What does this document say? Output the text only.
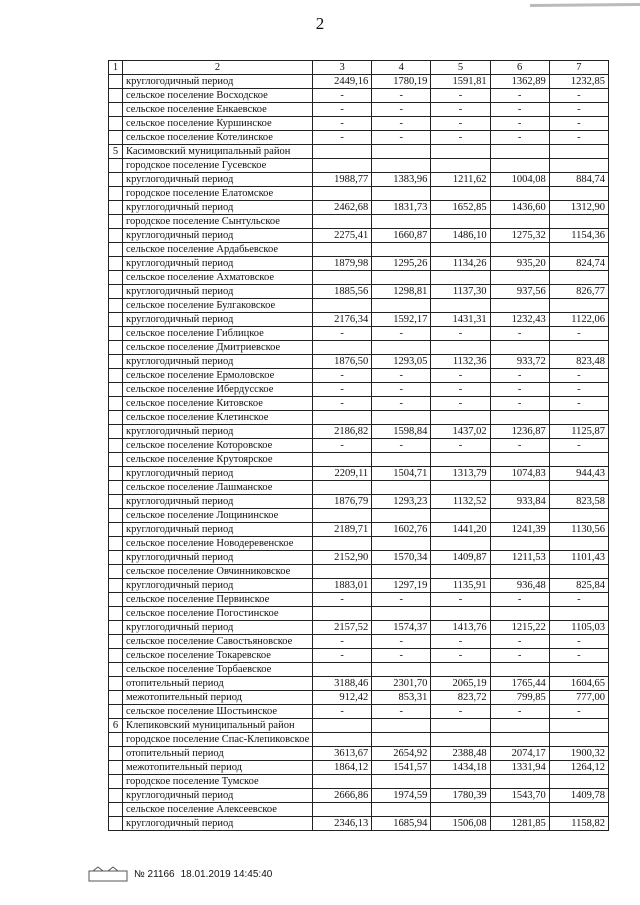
2
1	2	3	4	5	6	7
	круглогодичный период	2449,16	1780,19	1591,81	1362,89	1232,85
	сельское поселение Восходское	-	-	-	-	-
	сельское поселение Енкаевское	-	-	-	-	-
	сельское поселение Куршинское	-	-	-	-	-
	сельское поселение Котелинское	-	-	-	-	-
5	Касимовский муниципальный район					
	городское поселение Гусевское					
	круглогодичный период	1988,77	1383,96	1211,62	1004,08	884,74
	городское поселение Елатомское					
	круглогодичный период	2462,68	1831,73	1652,85	1436,60	1312,90
	городское поселение Сынтульское					
	круглогодичный период	2275,41	1660,87	1486,10	1275,32	1154,36
	сельское поселение Ардабьевское					
	круглогодичный период	1879,98	1295,26	1134,26	935,20	824,74
	сельское поселение Ахматовское					
	круглогодичный период	1885,56	1298,81	1137,30	937,56	826,77
	сельское поселение Булгаковское					
	круглогодичный период	2176,34	1592,17	1431,31	1232,43	1122,06
	сельское поселение Гиблицкое	-	-	-	-	-
	сельское поселение Дмитриевское					
	круглогодичный период	1876,50	1293,05	1132,36	933,72	823,48
	сельское поселение Ермоловское	-	-	-	-	-
	сельское поселение Ибердусское	-	-	-	-	-
	сельское поселение Китовское	-	-	-	-	-
	сельское поселение Клетинское					
	круглогодичный период	2186,82	1598,84	1437,02	1236,87	1125,87
	сельское поселение Которовское	-	-	-	-	-
	сельское поселение Крутоярское					
	круглогодичный период	2209,11	1504,71	1313,79	1074,83	944,43
	сельское поселение Лашманское					
	круглогодичный период	1876,79	1293,23	1132,52	933,84	823,58
	сельское поселение Лощининское					
	круглогодичный период	2189,71	1602,76	1441,20	1241,39	1130,56
	сельское поселение Новодеревенское					
	круглогодичный период	2152,90	1570,34	1409,87	1211,53	1101,43
	сельское поселение Овчинниковское					
	круглогодичный период	1883,01	1297,19	1135,91	936,48	825,84
	сельское поселение Первинское	-	-	-	-	-
	сельское поселение Погостинское					
	круглогодичный период	2157,52	1574,37	1413,76	1215,22	1105,03
	сельское поселение Савостьяновское	-	-	-	-	-
	сельское поселение Токаревское	-	-	-	-	-
	сельское поселение Торбаевское					
	отопительный период	3188,46	2301,70	2065,19	1765,44	1604,65
	межотопительный период	912,42	853,31	823,72	799,85	777,00
	сельское поселение Шостьинское	-	-	-	-	-
6	Клепиковский муниципальный район					
	городское поселение Спас-Клепиковское					
	отопительный период	3613,67	2654,92	2388,48	2074,17	1900,32
	межотопительный период	1864,12	1541,57	1434,18	1331,94	1264,12
	городское поселение Тумское					
	круглогодичный период	2666,86	1974,59	1780,39	1543,70	1409,78
	сельское поселение Алексеевское					
	круглогодичный период	2346,13	1685,94	1506,08	1281,85	1158,82
№ 21166 18.01.2019 14:45:40
